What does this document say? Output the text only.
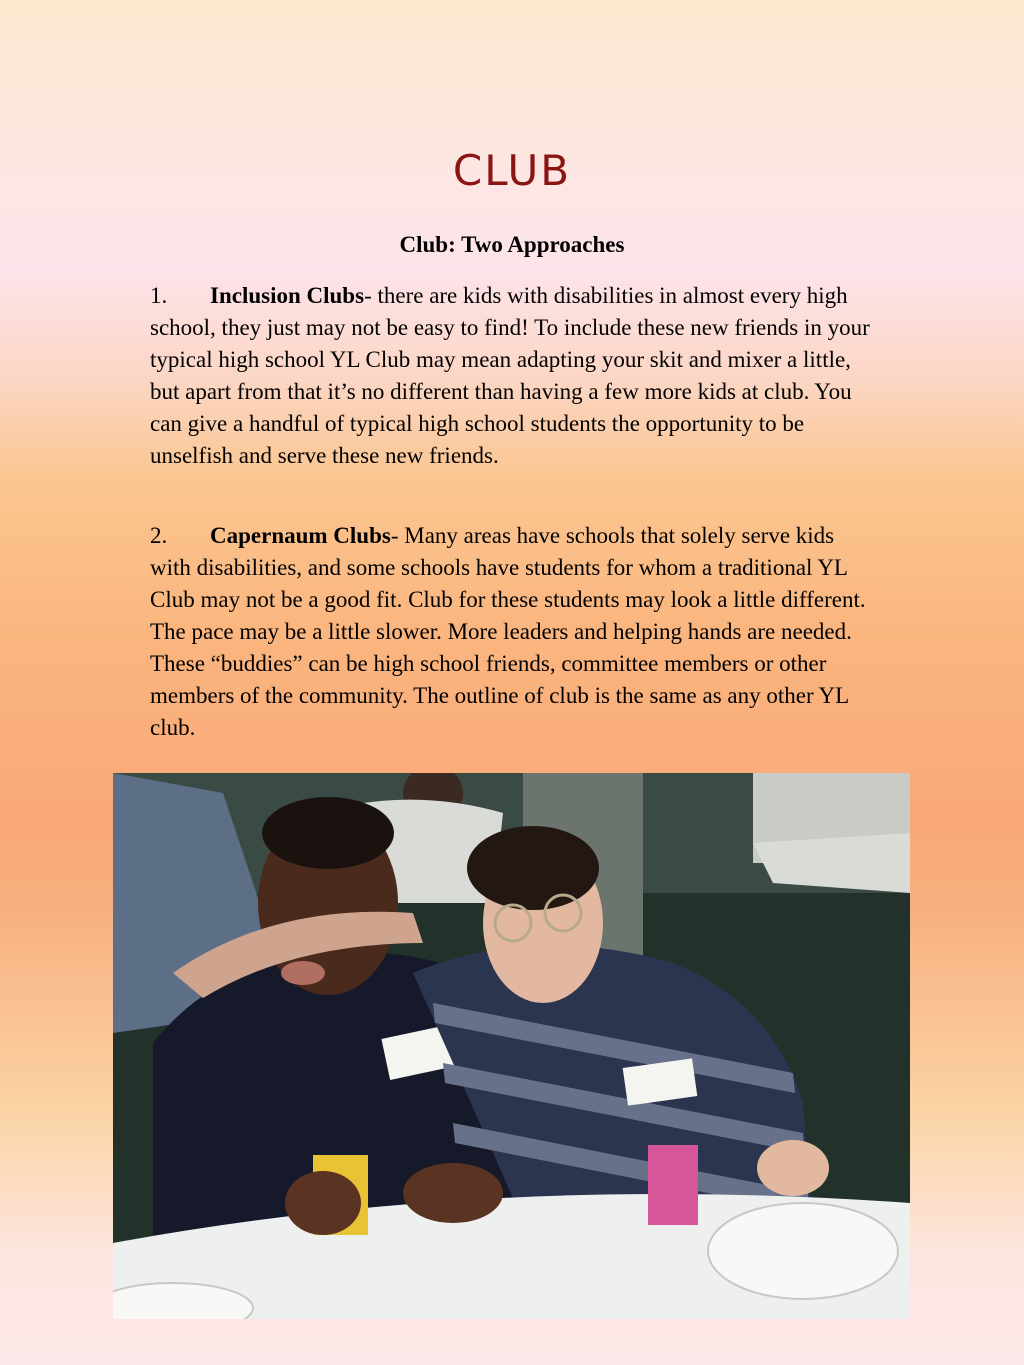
CLUB
Club: Two Approaches
1. Inclusion Clubs- there are kids with disabilities in almost every high school, they just may not be easy to find! To include these new friends in your typical high school YL Club may mean adapting your skit and mixer a little, but apart from that it’s no different than having a few more kids at club. You can give a handful of typical high school students the opportunity to be unselfish and serve these new friends.
2. Capernaum Clubs- Many areas have schools that solely serve kids with disabilities, and some schools have students for whom a traditional YL Club may not be a good fit. Club for these students may look a little different. The pace may be a little slower. More leaders and helping hands are needed. These “buddies” can be high school friends, committee members or other members of the community. The outline of club is the same as any other YL club.
